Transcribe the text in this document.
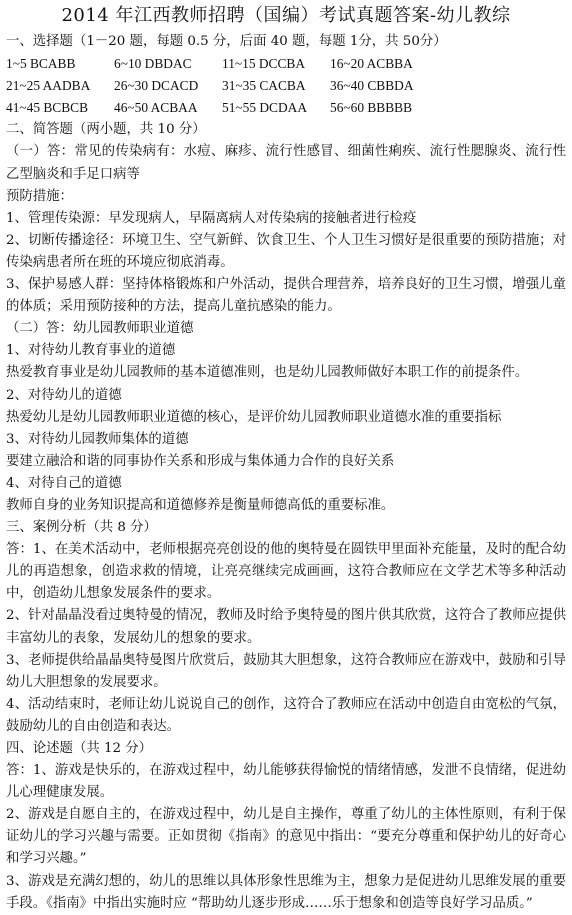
2014 年江西教师招聘（国编）考试真题答案-幼儿教综
一、选择题（1－20 题，每题 0.5 分，后面 40 题，每题 1分，共 50分）
1~5 BCABB	6~10 DBDAC	11~15 DCCBA	16~20 ACBBA
21~25 AADBA	26~30 DCACD	31~35 CACBA	36~40 CBBDA
41~45 BCBCB	46~50 ACBAA	51~55 DCDAA	56~60 BBBBB
二、简答题（两小题，共 10 分）
（一）答：常见的传染病有：水痘、麻疹、流行性感冒、细菌性痢疾、流行性腮腺炎、流行性乙型脑炎和手足口病等
预防措施：
1、管理传染源：早发现病人，早隔离病人对传染病的接触者进行检疫
2、切断传播途径：环境卫生、空气新鲜、饮食卫生、个人卫生习惯好是很重要的预防措施；对传染病患者所在班的环境应彻底消毒。
3、保护易感人群：坚持体格锻炼和户外活动，提供合理营养，培养良好的卫生习惯，增强儿童的体质；采用预防接种的方法，提高儿童抗感染的能力。
（二）答：幼儿园教师职业道德
1、对待幼儿教育事业的道德
热爱教育事业是幼儿园教师的基本道德准则，也是幼儿园教师做好本职工作的前提条件。
2、对待幼儿的道德
热爱幼儿是幼儿园教师职业道德的核心，是评价幼儿园教师职业道德水准的重要指标
3、对待幼儿园教师集体的道德
要建立融洽和谐的同事协作关系和形成与集体通力合作的良好关系
4、对待自己的道德
教师自身的业务知识提高和道德修养是衡量师德高低的重要标准。
三、案例分析（共 8 分）
答：1、在美术活动中，老师根据亮亮创设的他的奥特曼在圆铁甲里面补充能量，及时的配合幼儿的再造想象，创造求救的情境，让亮亮继续完成画画，这符合教师应在文学艺术等多种活动中，创造幼儿想象发展条件的要求。
2、针对晶晶没看过奥特曼的情况，教师及时给予奥特曼的图片供其欣赏，这符合了教师应提供丰富幼儿的表象，发展幼儿的想象的要求。
3、老师提供给晶晶奥特曼图片欣赏后，鼓励其大胆想象，这符合教师应在游戏中，鼓励和引导幼儿大胆想象的发展要求。
4、活动结束时，老师让幼儿说说自己的创作，这符合了教师应在活动中创造自由宽松的气氛，鼓励幼儿的自由创造和表达。
四、论述题（共 12 分）
答：1、游戏是快乐的，在游戏过程中，幼儿能够获得愉悦的情绪情感，发泄不良情绪，促进幼儿心理健康发展。
2、游戏是自愿自主的，在游戏过程中，幼儿是自主操作，尊重了幼儿的主体性原则，有利于保证幼儿的学习兴趣与需要。正如贯彻《指南》的意见中指出：“要充分尊重和保护幼儿的好奇心和学习兴趣。”
3、游戏是充满幻想的，幼儿的思维以具体形象性思维为主，想象力是促进幼儿思维发展的重要手段。《指南》中指出实施时应 “帮助幼儿逐步形成……乐于想象和创造等良好学习品质。”
